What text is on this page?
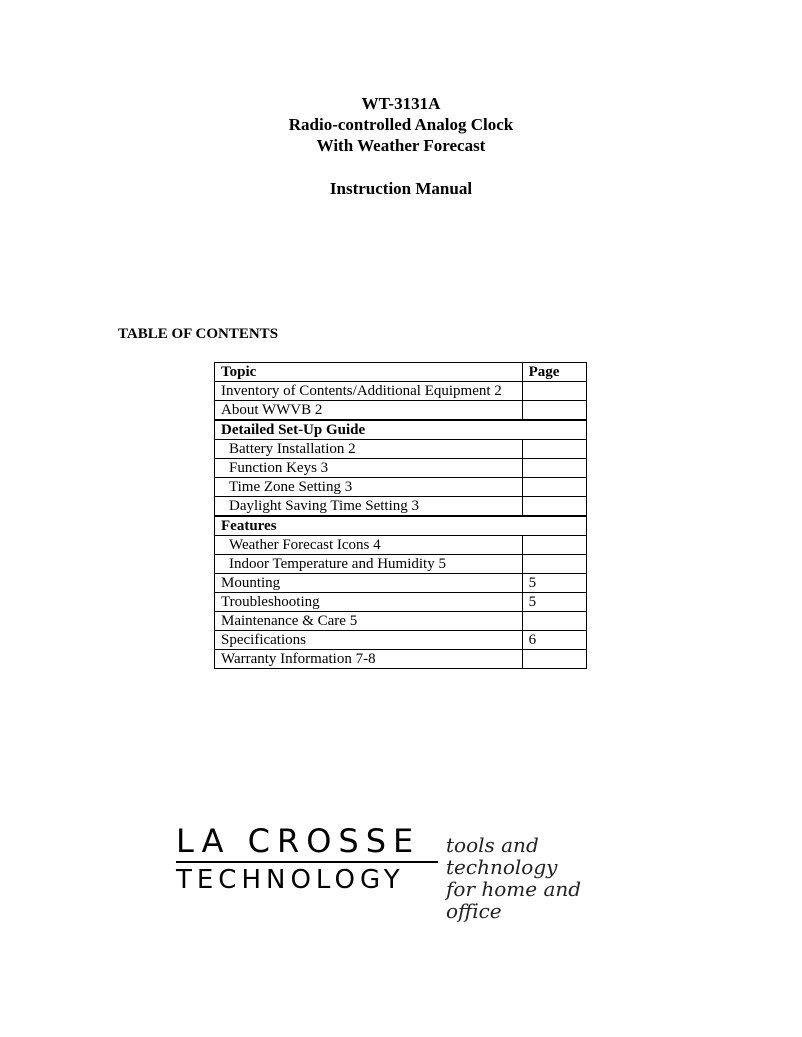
WT-3131A
Radio-controlled Analog Clock
With Weather Forecast
Instruction Manual
TABLE OF CONTENTS
Topic	Page
Inventory of Contents/Additional Equipment 2	
About WWVB 2	
Detailed Set-Up Guide	
Battery Installation 2	
Function Keys 3	
Time Zone Setting 3	
Daylight Saving Time Setting 3	
Features	
Weather Forecast Icons 4	
Indoor Temperature and Humidity 5	
Mounting	5
Troubleshooting	5
Maintenance & Care 5	
Specifications	6
Warranty Information 7-8	
LA CROSSE
TECHNOLOGY
tools and technology
for home and office
